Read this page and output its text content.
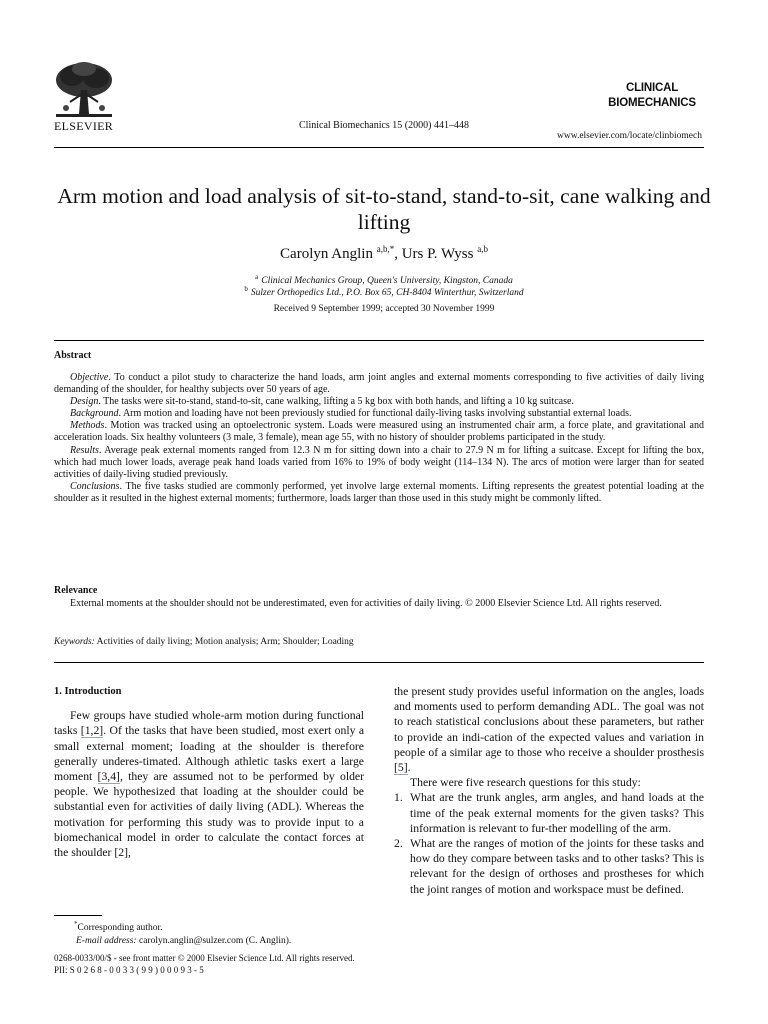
ELSEVIER	Clinical Biomechanics 15 (2000) 441–448
CLINICAL
BIOMECHANICS
www.elsevier.com/locate/clinbiomech
Arm motion and load analysis of sit-to-stand, stand-to-sit, cane walking and lifting
Carolyn Anglin $^{a,b,*}$, Urs P. Wyss $^{a,b}$
$^a$ Clinical Mechanics Group, Queen's University, Kingston, Canada
$^b$ Sulzer Orthopedics Ltd., P.O. Box 65, CH-8404 Winterthur, Switzerland
Received 9 September 1999; accepted 30 November 1999
Abstract

Objective. To conduct a pilot study to characterize the hand loads, arm joint angles and external moments corresponding to five activities of daily living demanding of the shoulder, for healthy subjects over 50 years of age.

Design. The tasks were sit-to-stand, stand-to-sit, cane walking, lifting a 5 kg box with both hands, and lifting a 10 kg suitcase.

Background. Arm motion and loading have not been previously studied for functional daily-living tasks involving substantial external loads.

Methods. Motion was tracked using an optoelectronic system. Loads were measured using an instrumented chair arm, a force plate, and gravitational and acceleration loads. Six healthy volunteers (3 male, 3 female), mean age 55, with no history of shoulder problems participated in the study.

Results. Average peak external moments ranged from 12.3 N m for sitting down into a chair to 27.9 N m for lifting a suitcase. Except for lifting the box, which had much lower loads, average peak hand loads varied from 16% to 19% of body weight (114–134 N). The arcs of motion were larger than for seated activities of daily-living studied previously.

Conclusions. The five tasks studied are commonly performed, yet involve large external moments. Lifting represents the greatest potential loading at the shoulder as it resulted in the highest external moments; furthermore, loads larger than those used in this study might be commonly lifted.

Relevance

External moments at the shoulder should not be underestimated, even for activities of daily living. © 2000 Elsevier Science Ltd. All rights reserved.

Keywords: Activities of daily living; Motion analysis; Arm; Shoulder; Loading
1. Introduction

Few groups have studied whole-arm motion during functional tasks [1,2]. Of the tasks that have been studied, most exert only a small external moment; loading at the shoulder is therefore generally underes-timated. Although athletic tasks exert a large moment [3,4], they are assumed not to be performed by older people. We hypothesized that loading at the shoulder could be substantial even for activities of daily living (ADL). Whereas the motivation for performing this study was to provide input to a biomechanical model in order to calculate the contact forces at the shoulder [2],

the present study provides useful information on the angles, loads and moments used to perform demanding ADL. The goal was not to reach statistical conclusions about these parameters, but rather to provide an indi-cation of the expected values and variation in people of a similar age to those who receive a shoulder prosthesis [5].

There were five research questions for this study:

1. What are the trunk angles, arm angles, and hand loads at the time of the peak external moments for the given tasks? This information is relevant to fur-ther modelling of the arm.
2. What are the ranges of motion of the joints for these tasks and how do they compare between tasks and to other tasks? This is relevant for the design of orthoses and prostheses for which the joint ranges of motion and workspace must be defined.
*Corresponding author.
E-mail address: carolyn.anglin@sulzer.com (C. Anglin).
0268-0033/00/$ - see front matter © 2000 Elsevier Science Ltd. All rights reserved.
PII: S 0 2 6 8 - 0 0 3 3 ( 9 9 ) 0 0 0 9 3 - 5
